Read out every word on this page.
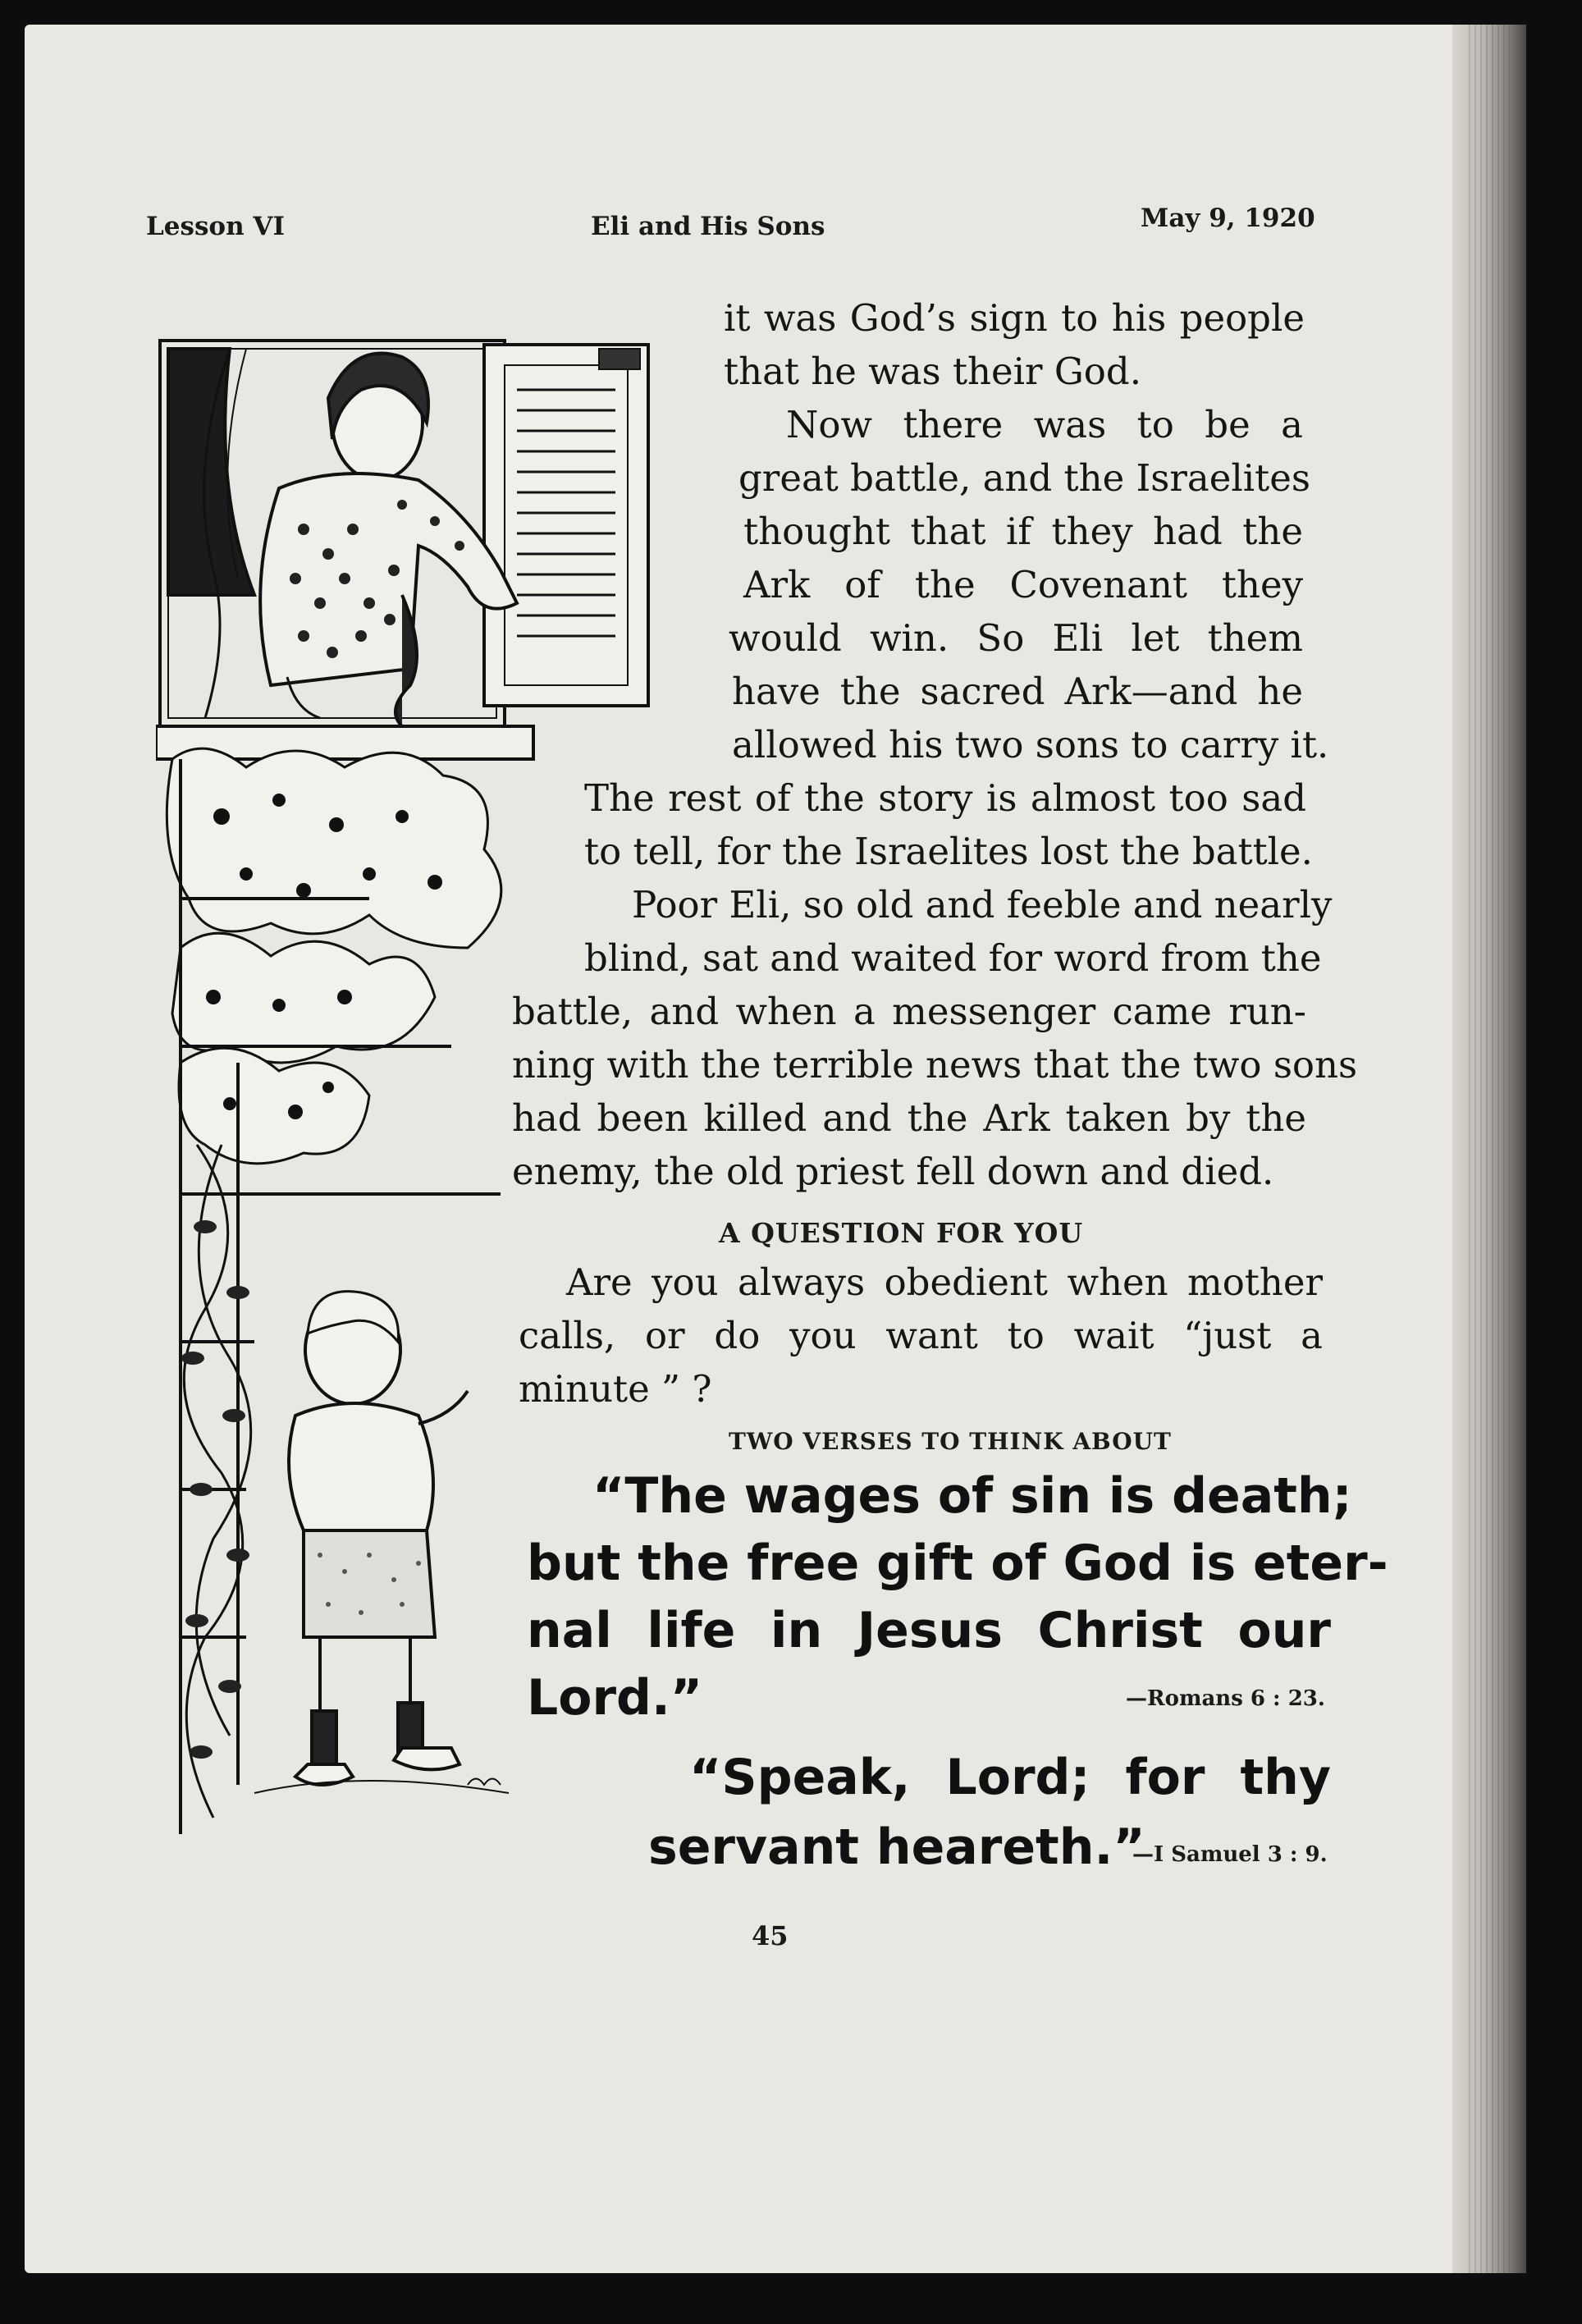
Lesson VI	Eli and His Sons	May 9, 1920
it was God’s sign to his people
that he was their God.
Now there was to be a
great battle, and the Israelites
thought that if they had the
Ark of the Covenant they
would win. So Eli let them
have the sacred Ark—and he
allowed his two sons to carry it.
The rest of the story is almost too sad
to tell, for the Israelites lost the battle.
Poor Eli, so old and feeble and nearly
blind, sat and waited for word from the
battle, and when a messenger came run-
ning with the terrible news that the two sons
had been killed and the Ark taken by the
enemy, the old priest fell down and died.
A QUESTION FOR YOU
Are you always obedient when mother
calls, or do you want to wait “just a
minute ” ?
TWO VERSES TO THINK ABOUT
“The wages of sin is death;
but the free gift of God is eter-
nal life in Jesus Christ our
Lord.”	—Romans 6 : 23.
“Speak, Lord; for thy
servant heareth.”
—I Samuel 3 : 9.
45
